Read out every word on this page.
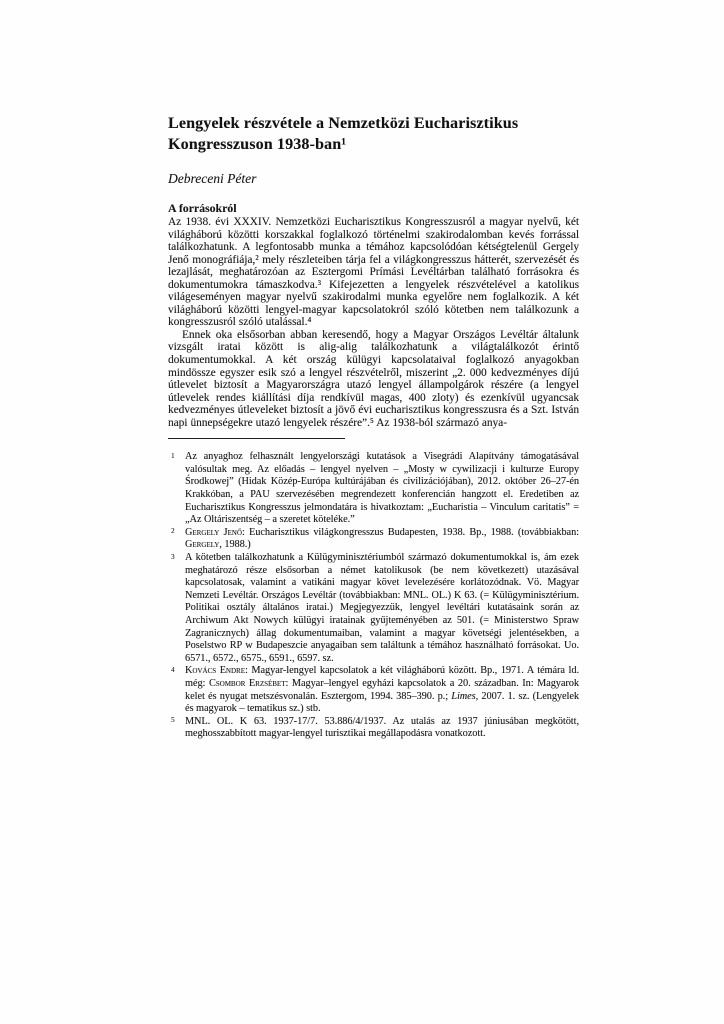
Lengyelek részvétele a Nemzetközi Eucharisztikus Kongresszuson 1938-ban¹
Debreceni Péter
A forrásokról

Az 1938. évi XXXIV. Nemzetközi Eucharisztikus Kongresszusról a magyar nyelvű, két világháború közötti korszakkal foglalkozó történelmi szakirodalomban kevés forrással találkozhatunk. A legfontosabb munka a témához kapcsolódóan kétségtelenül Gergely Jenő monográfiája,² mely részleteiben tárja fel a világkongresszus hátterét, szervezését és lezajlását, meghatározóan az Esztergomi Prímási Levéltárban található forrásokra és dokumentumokra támaszkodva.³ Kifejezetten a lengyelek részvételével a katolikus világeseményen magyar nyelvű szakirodalmi munka egyelőre nem foglalkozik. A két világháború közötti lengyel-magyar kapcsolatokról szóló kötetben nem találkozunk a kongresszusról szóló utalással.⁴

Ennek oka elsősorban abban keresendő, hogy a Magyar Országos Levéltár általunk vizsgált iratai között is alig-alig találkozhatunk a világtalálkozót érintő dokumentumokkal. A két ország külügyi kapcsolataival foglalkozó anyagokban mindössze egyszer esik szó a lengyel részvételről, miszerint „2. 000 kedvezményes díjú útlevelet biztosít a Magyarországra utazó lengyel állampolgárok részére (a lengyel útlevelek rendes kiállítási díja rendkívül magas, 400 zloty) és ezenkívül ugyancsak kedvezményes útleveleket biztosít a jövő évi eucharisztikus kongresszusra és a Szt. István napi ünnepségekre utazó lengyelek részére”.⁵ Az 1938-ból származó anya-

1	Az anyaghoz felhasznált lengyelországi kutatások a Visegrádi Alapítvány támogatásával valósultak meg. Az előadás – lengyel nyelven – „Mosty w cywilizacji i kulturze Europy Środkowej” (Hidak Közép-Európa kultúrájában és civilizációjában), 2012. október 26–27-én Krakkóban, a PAU szervezésében megrendezett konferencián hangzott el. Eredetiben az Eucharisztikus Kongresszus jelmondatára is hivatkoztam: „Eucharistia – Vinculum caritatis” = „Az Oltáriszentség – a szeretet köteléke.”
2	Gergely Jenő: Eucharisztikus világkongresszus Budapesten, 1938. Bp., 1988. (továbbiakban: Gergely, 1988.)
3	A kötetben találkozhatunk a Külügyminisztériumból származó dokumentumokkal is, ám ezek meghatározó része elsősorban a német katolikusok (be nem következett) utazásával kapcsolatosak, valamint a vatikáni magyar követ levelezésére korlátozódnak. Vö. Magyar Nemzeti Levéltár. Országos Levéltár (továbbiakban: MNL. OL.) K 63. (= Külügyminisztérium. Politikai osztály általános iratai.) Megjegyezzük, lengyel levéltári kutatásaink során az Archiwum Akt Nowych külügyi iratainak gyűjteményében az 501. (= Ministerstwo Spraw Zagranicznych) állag dokumentumaiban, valamint a magyar követségi jelentésekben, a Poselstwo RP w Budapeszcie anyagaiban sem találtunk a témához használható forrásokat. Uo. 6571., 6572., 6575., 6591., 6597. sz.
4	Kovács Endre: Magyar-lengyel kapcsolatok a két világháború között. Bp., 1971. A témára ld. még: Csombor Erzsébet: Magyar–lengyel egyházi kapcsolatok a 20. században. In: Magyarok kelet és nyugat metszésvonalán. Esztergom, 1994. 385–390. p.; Limes, 2007. 1. sz. (Lengyelek és magyarok – tematikus sz.) stb.
5	MNL. OL. K 63. 1937-17/7. 53.886/4/1937. Az utalás az 1937 júniusában megkötött, meghosszabbított magyar-lengyel turisztikai megállapodásra vonatkozott.
